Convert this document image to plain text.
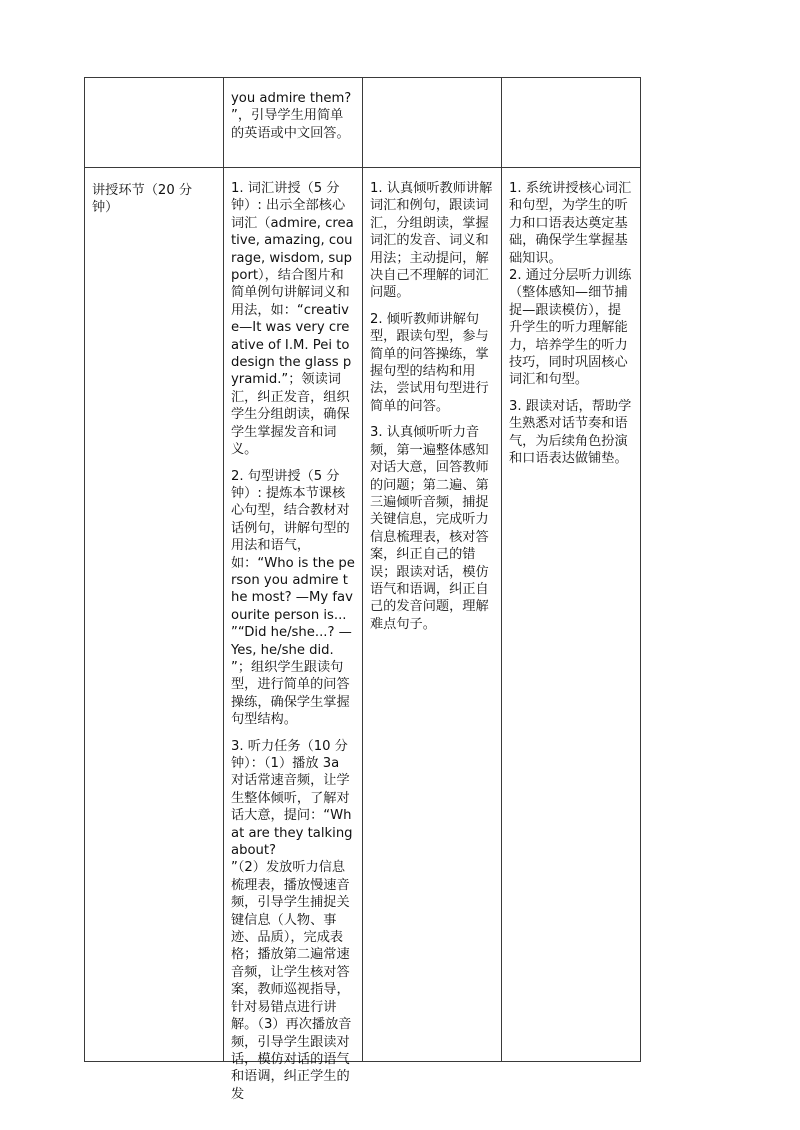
you admire them?
”，引导学生用简单的英语或中文回答。
讲授环节（20 分钟）

1. 词汇讲授（5 分钟）: 出示全部核心词汇（admire, creative, amazing, courage, wisdom, support），结合图片和简单例句讲解词义和用法，如：“creative—It was very creative of I.M. Pei to design the glass pyramid.”；领读词汇，纠正发音，组织学生分组朗读，确保学生掌握发音和词义。

2. 句型讲授（5 分钟）: 提炼本节课核心句型，结合教材对话例句，讲解句型的用法和语气，如：“Who is the person you admire the most? —My favourite person is... ”“Did he/she...? —Yes, he/she did. ”；组织学生跟读句型，进行简单的问答操练，确保学生掌握句型结构。

3. 听力任务（10 分钟）：（1）播放 3a 对话常速音频，让学生整体倾听，了解对话大意，提问：“What are they talking about?
”（2）发放听力信息梳理表，播放慢速音频，引导学生捕捉关键信息（人物、事迹、品质），完成表格；播放第二遍常速音频，让学生核对答案，教师巡视指导，针对易错点进行讲解。（3）再次播放音频，引导学生跟读对话，模仿对话的语气和语调，纠正学生的发

1. 认真倾听教师讲解词汇和例句，跟读词汇，分组朗读，掌握词汇的发音、词义和用法；主动提问，解决自己不理解的词汇问题。

2. 倾听教师讲解句型，跟读句型，参与简单的问答操练，掌握句型的结构和用法，尝试用句型进行简单的问答。

3. 认真倾听听力音频，第一遍整体感知对话大意，回答教师的问题；第二遍、第三遍倾听音频，捕捉关键信息，完成听力信息梳理表，核对答案，纠正自己的错误；跟读对话，模仿语气和语调，纠正自己的发音问题，理解难点句子。

1. 系统讲授核心词汇和句型，为学生的听力和口语表达奠定基础，确保学生掌握基础知识。
2. 通过分层听力训练（整体感知—细节捕捉—跟读模仿），提升学生的听力理解能力，培养学生的听力技巧，同时巩固核心词汇和句型。

3. 跟读对话，帮助学生熟悉对话节奏和语气，为后续角色扮演和口语表达做铺垫。
